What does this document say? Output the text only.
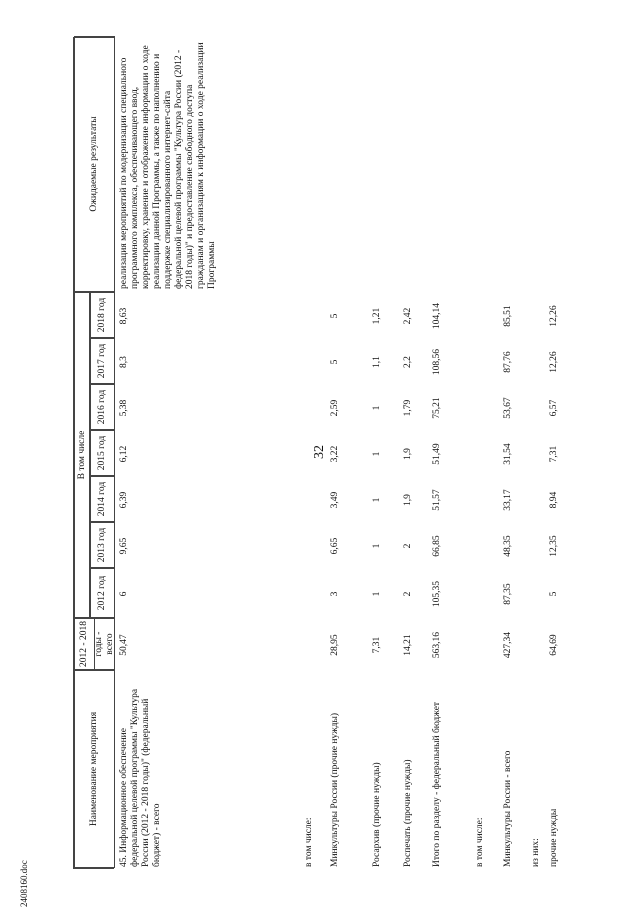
32
2408160.doc
Наименование мероприятия
2012 - 2018 годы - всего
В том числе
2012 год
2013 год
2014 год
2015 год
2016 год
2017 год
2018 год
Ожидаемые результаты
45. Информационное обеспечение федеральной целевой программы "Культура России (2012 - 2018 годы)" (федеральный бюджет) - всего
50,47
6
9,65
6,39
6,12
5,38
8,3
8,63
реализация мероприятий по модернизации специального программного комплекса, обеспечивающего ввод, корректировку, хранение и отображение информации о ходе реализации данной Программы, а также по наполнению и поддержке специализированного интернет-сайта федеральной целевой программы "Культура России (2012 - 2018 годы)" и предоставление свободного доступа гражданам и организациям к информации о ходе реализации Программы
в том числе: Минкультуры России (прочие нужды)
28,95
3
6,65
3,49
3,22
2,59
5
5
Росархив (прочие нужды)
7,31
1
1
1
1
1
1,1
1,21
Роспечать (прочие нужды)
14,21
2
2
1,9
1,9
1,79
2,2
2,42
Итого по разделу - федеральный бюджет
563,16
105,35
66,85
51,57
51,49
75,21
108,56
104,14
в том числе: Минкультуры России - всего
427,34
87,35
48,35
33,17
31,54
53,67
87,76
85,51
из них: прочие нужды
64,69
5
12,35
8,94
7,31
6,57
12,26
12,26
